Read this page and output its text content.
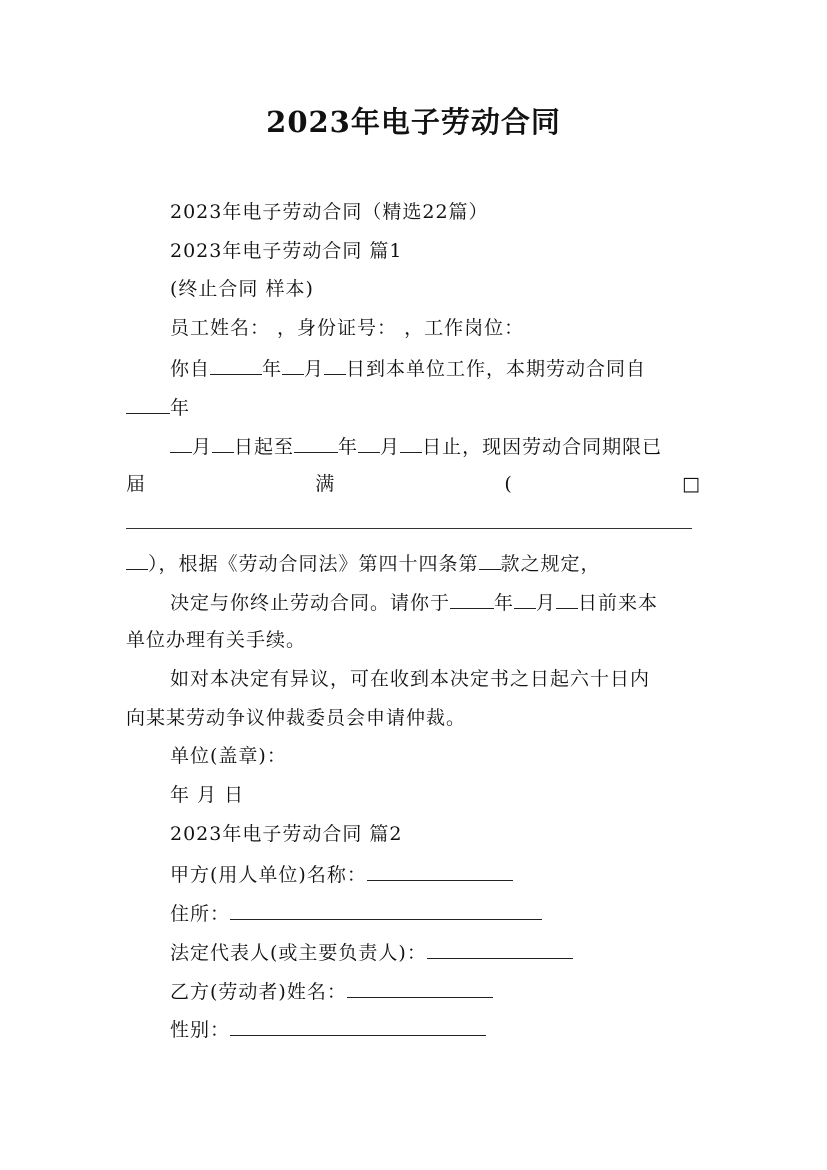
2023年电子劳动合同
2023年电子劳动合同（精选22篇）
2023年电子劳动合同 篇1
(终止合同 样本)
员工姓名： ，身份证号： ，工作岗位：
你自	年 月 日到本单位工作，本期劳动合同自
年
月 日起至 年 月 日止，现因劳动合同期限已
届	满	(	□
），根据《劳动合同法》第四十四条第 款之规定，
决定与你终止劳动合同。请你于 年 月 日前来本
单位办理有关手续。
如对本决定有异议，可在收到本决定书之日起六十日内
向某某劳动争议仲裁委员会申请仲裁。
单位(盖章)：
年 月 日
2023年电子劳动合同 篇2
甲方(用人单位)名称：
住所：
法定代表人(或主要负责人)：
乙方(劳动者)姓名：
性别：
